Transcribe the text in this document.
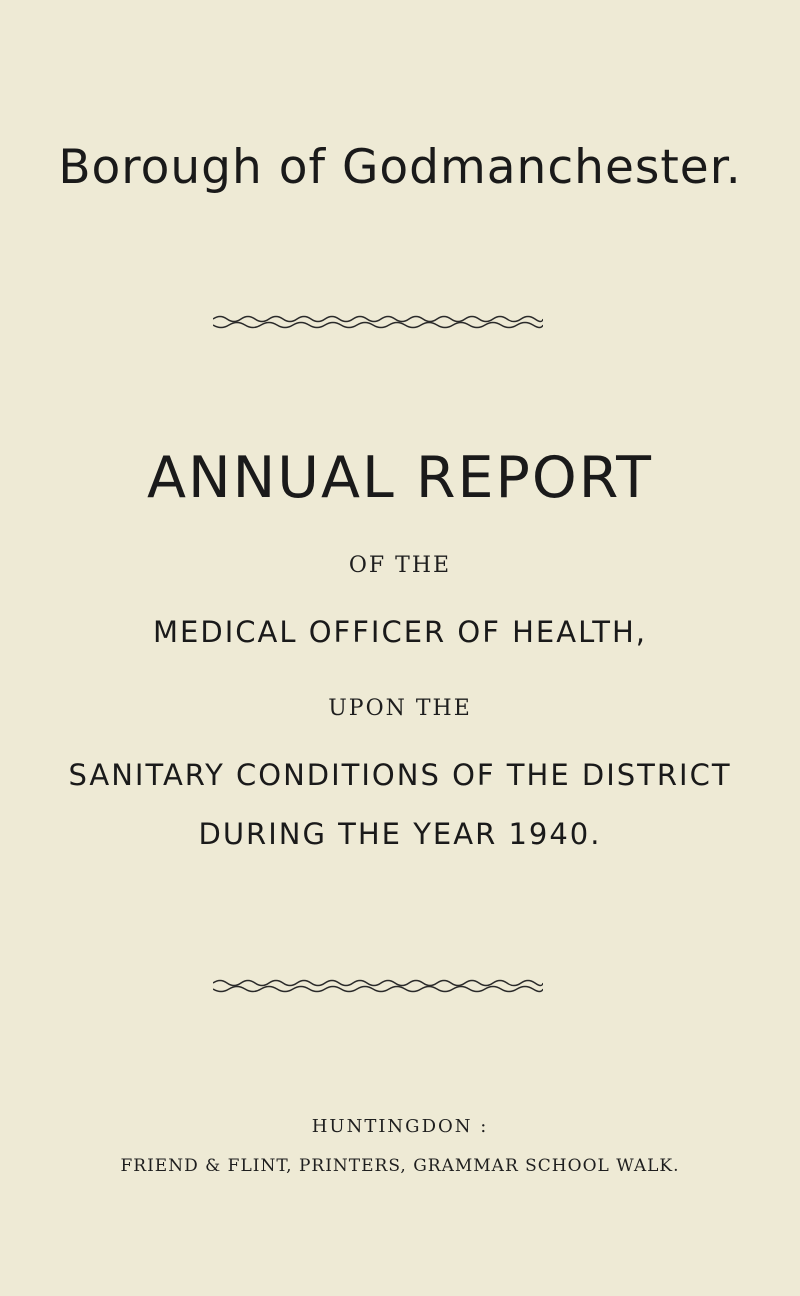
Borough of Godmanchester.
ANNUAL REPORT
OF THE
MEDICAL OFFICER OF HEALTH,
UPON THE
SANITARY CONDITIONS OF THE DISTRICT
DURING THE YEAR 1940.
HUNTINGDON :
FRIEND & FLINT, PRINTERS, GRAMMAR SCHOOL WALK.
